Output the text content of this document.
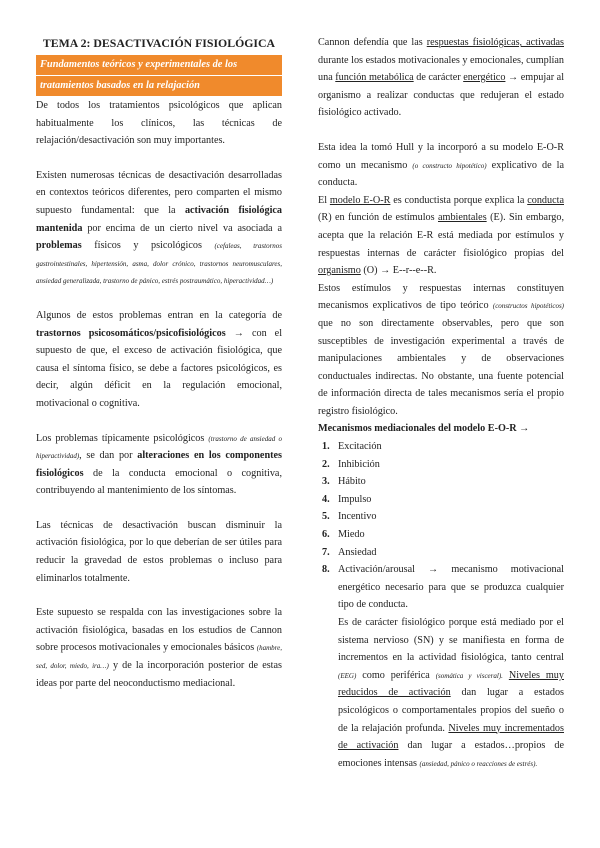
TEMA 2: DESACTIVACIÓN FISIOLÓGICA
Fundamentos teóricos y experimentales de los
tratamientos basados en la relajación

De todos los tratamientos psicológicos que aplican habitualmente los clínicos, las técnicas de relajación/desactivación son muy importantes.

Existen numerosas técnicas de desactivación desarrolladas en contextos teóricos diferentes, pero comparten el mismo supuesto fundamental: que la activación fisiológica mantenida por encima de un cierto nivel va asociada a problemas físicos y psicológicos (cefaleas, trastornos gastrointestinales, hipertensión, asma, dolor crónico, trastornos neuromusculares, ansiedad generalizada, trastorno de pánico, estrés postraumático, hiperactividad…)

Algunos de estos problemas entran en la categoría de trastornos psicosomáticos/psicofisiológicos → con el supuesto de que, el exceso de activación fisiológica, que causa el síntoma físico, se debe a factores psicológicos, es decir, algún déficit en la regulación emocional, motivacional o cognitiva.

Los problemas típicamente psicológicos (trastorno de ansiedad o hiperactividad), se dan por alteraciones en los componentes fisiológicos de la conducta emocional o cognitiva, contribuyendo al mantenimiento de los síntomas.

Las técnicas de desactivación buscan disminuir la activación fisiológica, por lo que deberían de ser útiles para reducir la gravedad de estos problemas o incluso para eliminarlos totalmente.

Este supuesto se respalda con las investigaciones sobre la activación fisiológica, basadas en los estudios de Cannon sobre procesos motivacionales y emocionales básicos (hambre, sed, dolor, miedo, ira…) y de la incorporación posterior de estas ideas por parte del neoconductismo mediacional.

Cannon defendía que las respuestas fisiológicas, activadas durante los estados motivacionales y emocionales, cumplían una función metabólica de carácter energético → empujar al organismo a realizar conductas que redujeran el estado fisiológico activado.

Esta idea la tomó Hull y la incorporó a su modelo E-O-R como un mecanismo (o constructo hipotético) explicativo de la conducta.

El modelo E-O-R es conductista porque explica la conducta (R) en función de estímulos ambientales (E). Sin embargo, acepta que la relación E-R está mediada por estímulos y respuestas internas de carácter fisiológico propias del organismo (O) → E--r--e--R.

Estos estímulos y respuestas internas constituyen mecanismos explicativos de tipo teórico (constructos hipotéticos) que no son directamente observables, pero que son susceptibles de investigación experimental a través de manipulaciones ambientales y de observaciones conductuales indirectas. No obstante, una fuente potencial de información directa de tales mecanismos sería el propio registro fisiológico.

Mecanismos mediacionales del modelo E-O-R →

1. Excitación
2. Inhibición
3. Hábito
4. Impulso
5. Incentivo
6. Miedo
7. Ansiedad
8. Activación/arousal → mecanismo motivacional energético necesario para que se produzca cualquier tipo de conducta.

Es de carácter fisiológico porque está mediado por el sistema nervioso (SN) y se manifiesta en forma de incrementos en la actividad fisiológica, tanto central (EEG) como periférica (somática y visceral). Niveles muy reducidos de activación dan lugar a estados psicológicos o comportamentales propios del sueño o de la relajación profunda. Niveles muy incrementados de activación dan lugar a estados…propios de emociones intensas (ansiedad, pánico o reacciones de estrés).
